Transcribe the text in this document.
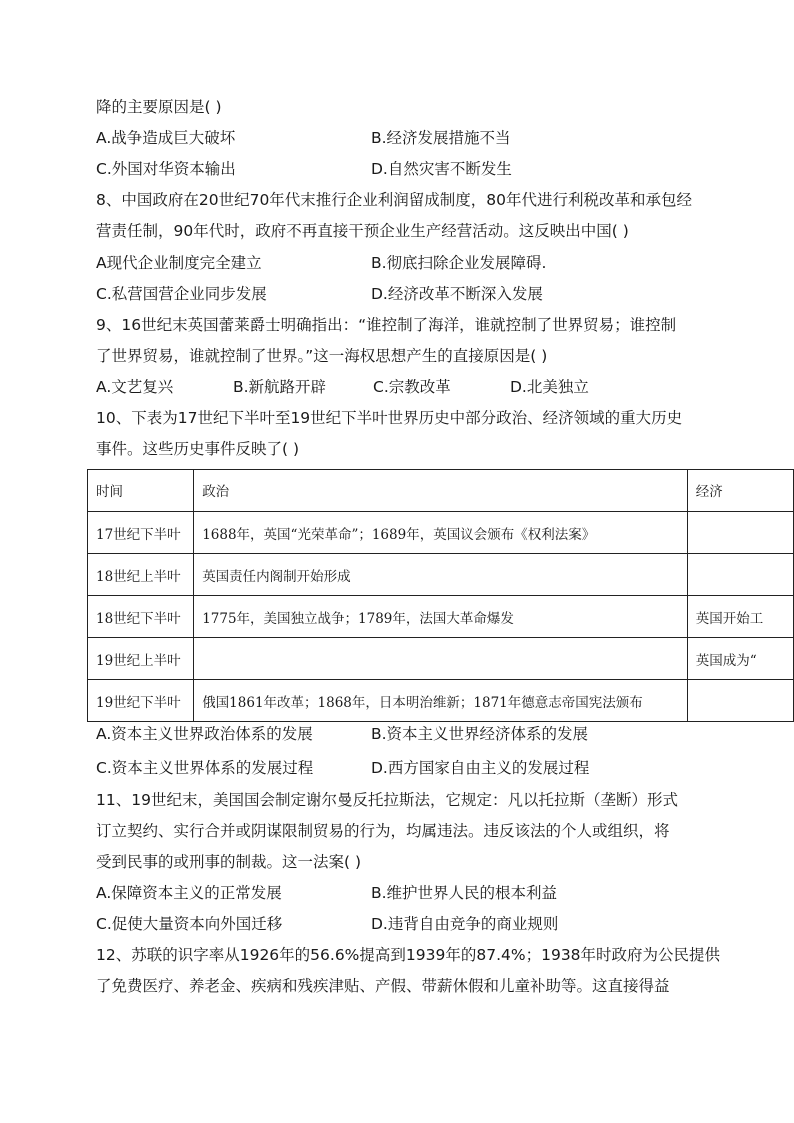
降的主要原因是( )
A.战争造成巨大破坏	B.经济发展措施不当
C.外国对华资本输出	D.自然灾害不断发生
8、中国政府在20世纪70年代末推行企业利润留成制度，80年代进行利税改革和承包经
营责任制，90年代时，政府不再直接干预企业生产经营活动。这反映出中国( )
A现代企业制度完全建立	B.彻底扫除企业发展障碍.
C.私营国营企业同步发展	D.经济改革不断深入发展
9、16世纪末英国蕾莱爵士明确指出：“谁控制了海洋，谁就控制了世界贸易；谁控制
了世界贸易，谁就控制了世界。”这一海权思想产生的直接原因是( )
A.文艺复兴	B.新航路开辟	C.宗教改革	D.北美独立
10、下表为17世纪下半叶至19世纪下半叶世界历史中部分政治、经济领域的重大历史
事件。这些历史事件反映了( )
时间	政治	经济
17世纪下半叶	1688年，英国“光荣革命”；1689年，英国议会颁布《权利法案》	
18世纪上半叶	英国责任内阁制开始形成	
18世纪下半叶	1775年，美国独立战争；1789年，法国大革命爆发	英国开始工
19世纪上半叶		英国成为“
19世纪下半叶	俄国1861年改革；1868年，日本明治维新；1871年德意志帝国宪法颁布	
A.资本主义世界政治体系的发展	B.资本主义世界经济体系的发展
C.资本主义世界体系的发展过程	D.西方国家自由主义的发展过程
11、19世纪末，美国国会制定谢尔曼反托拉斯法，它规定：凡以托拉斯（垄断）形式
订立契约、实行合并或阴谋限制贸易的行为，均属违法。违反该法的个人或组织，将
受到民事的或刑事的制裁。这一法案( )
A.保障资本主义的正常发展	B.维护世界人民的根本利益
C.促使大量资本向外国迁移	D.违背自由竞争的商业规则
12、苏联的识字率从1926年的56.6%提高到1939年的87.4%；1938年时政府为公民提供
了免费医疗、养老金、疾病和残疾津贴、产假、带薪休假和儿童补助等。这直接得益
